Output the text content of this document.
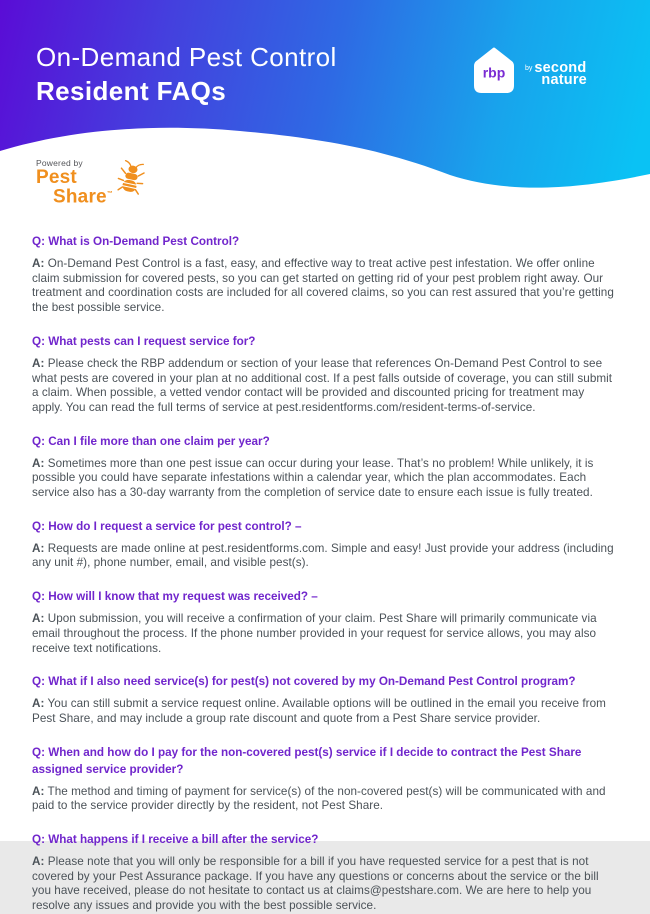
On-Demand Pest Control
Resident FAQs
rbp	by second
nature
Powered by
Pest
Share™
Q: What is On-Demand Pest Control?
A: On-Demand Pest Control is a fast, easy, and effective way to treat active pest infestation. We offer online claim submission for covered pests, so you can get started on getting rid of your pest problem right away. Our treatment and coordination costs are included for all covered claims, so you can rest assured that you’re getting the best possible service.
Q: What pests can I request service for?
A: Please check the RBP addendum or section of your lease that references On-Demand Pest Control to see what pests are covered in your plan at no additional cost. If a pest falls outside of coverage, you can still submit a claim. When possible, a vetted vendor contact will be provided and discounted pricing for treatment may apply. You can read the full terms of service at pest.residentforms.com/resident-terms-of-service.
Q: Can I file more than one claim per year?
A: Sometimes more than one pest issue can occur during your lease. That’s no problem! While unlikely, it is possible you could have separate infestations within a calendar year, which the plan accommodates. Each service also has a 30-day warranty from the completion of service date to ensure each issue is fully treated.
Q: How do I request a service for pest control? –
A: Requests are made online at pest.residentforms.com. Simple and easy! Just provide your address (including any unit #), phone number, email, and visible pest(s).
Q: How will I know that my request was received? –
A: Upon submission, you will receive a confirmation of your claim. Pest Share will primarily communicate via email throughout the process. If the phone number provided in your request for service allows, you may also receive text notifications.
Q: What if I also need service(s) for pest(s) not covered by my On-Demand Pest Control program?
A: You can still submit a service request online. Available options will be outlined in the email you receive from Pest Share, and may include a group rate discount and quote from a Pest Share service provider.
Q: When and how do I pay for the non-covered pest(s) service if I decide to contract the Pest Share assigned service provider?
A: The method and timing of payment for service(s) of the non-covered pest(s) will be communicated with and paid to the service provider directly by the resident, not Pest Share.
Q: What happens if I receive a bill after the service?
A: Please note that you will only be responsible for a bill if you have requested service for a pest that is not covered by your Pest Assurance package. If you have any questions or concerns about the service or the bill you have received, please do not hesitate to contact us at claims@pestshare.com. We are here to help you resolve any issues and provide you with the best possible service.
